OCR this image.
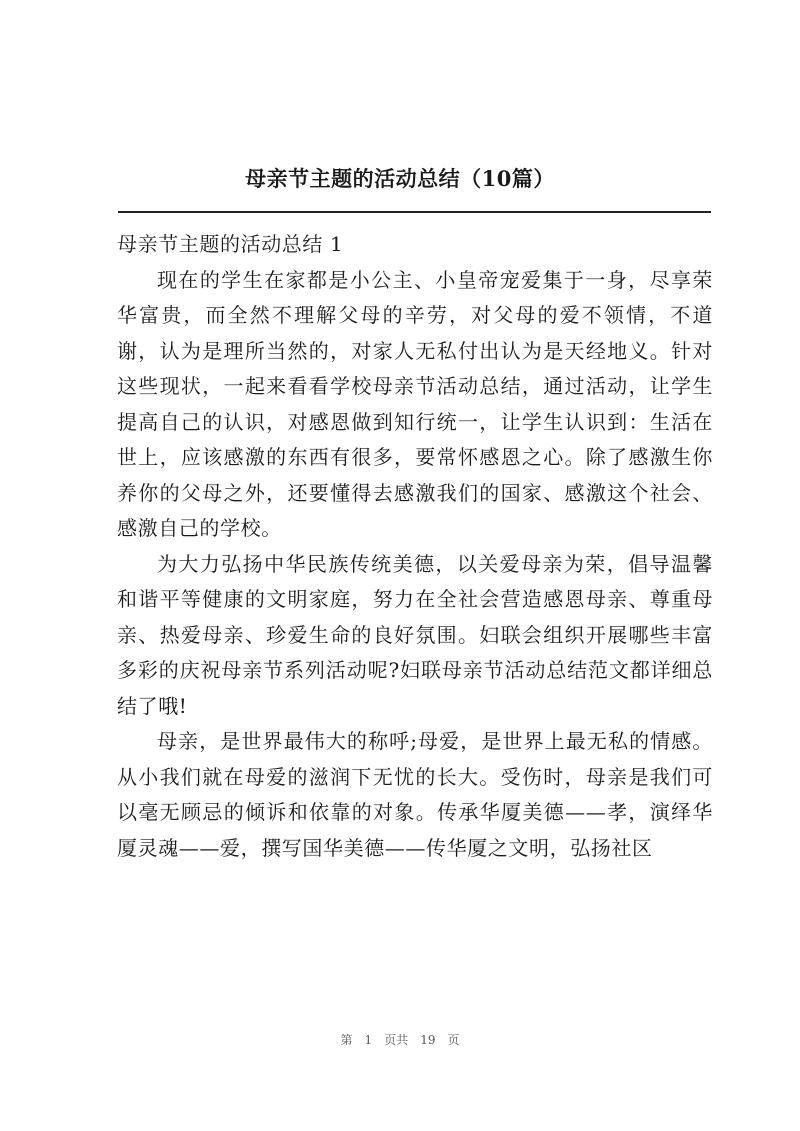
母亲节主题的活动总结（10篇）

母亲节主题的活动总结 1

现在的学生在家都是小公主、小皇帝宠爱集于一身，尽享荣华富贵，而全然不理解父母的辛劳，对父母的爱不领情，不道谢，认为是理所当然的，对家人无私付出认为是天经地义。针对这些现状，一起来看看学校母亲节活动总结，通过活动，让学生提高自己的认识，对感恩做到知行统一，让学生认识到：生活在世上，应该感激的东西有很多，要常怀感恩之心。除了感激生你养你的父母之外，还要懂得去感激我们的国家、感激这个社会、感激自己的学校。

为大力弘扬中华民族传统美德，以关爱母亲为荣，倡导温馨和谐平等健康的文明家庭，努力在全社会营造感恩母亲、尊重母亲、热爱母亲、珍爱生命的良好氛围。妇联会组织开展哪些丰富多彩的庆祝母亲节系列活动呢?妇联母亲节活动总结范文都详细总结了哦!

母亲，是世界最伟大的称呼;母爱，是世界上最无私的情感。从小我们就在母爱的滋润下无忧的长大。受伤时，母亲是我们可以毫无顾忌的倾诉和依靠的对象。传承华厦美德——孝，演绎华厦灵魂——爱，撰写国华美德——传华厦之文明，弘扬社区

第 1 页共 19 页
